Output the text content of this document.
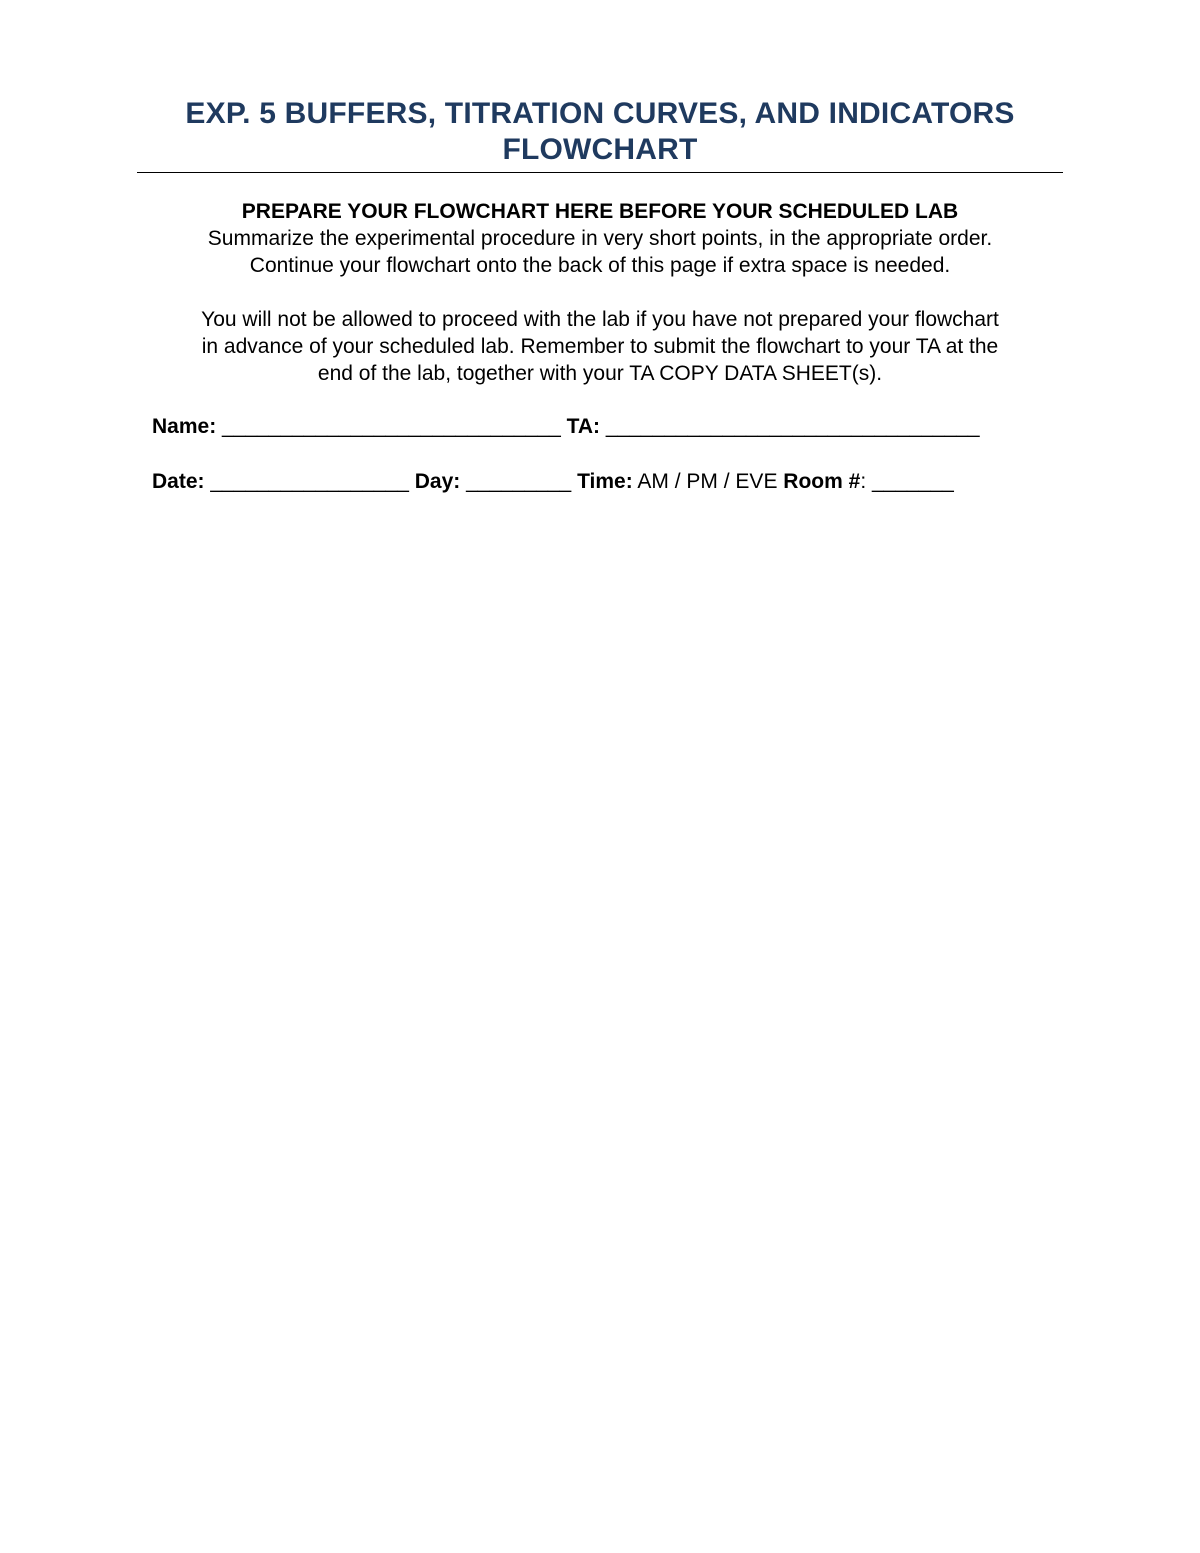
EXP. 5 BUFFERS, TITRATION CURVES, AND INDICATORS
FLOWCHART
PREPARE YOUR FLOWCHART HERE BEFORE YOUR SCHEDULED LAB
Summarize the experimental procedure in very short points, in the appropriate order.
Continue your flowchart onto the back of this page if extra space is needed.
You will not be allowed to proceed with the lab if you have not prepared your flowchart
in advance of your scheduled lab. Remember to submit the flowchart to your TA at the
end of the lab, together with your TA COPY DATA SHEET(s).
Name: _____________________________ TA: ________________________________
Date: _________________ Day: _________ Time: AM / PM / EVE Room #: _______
